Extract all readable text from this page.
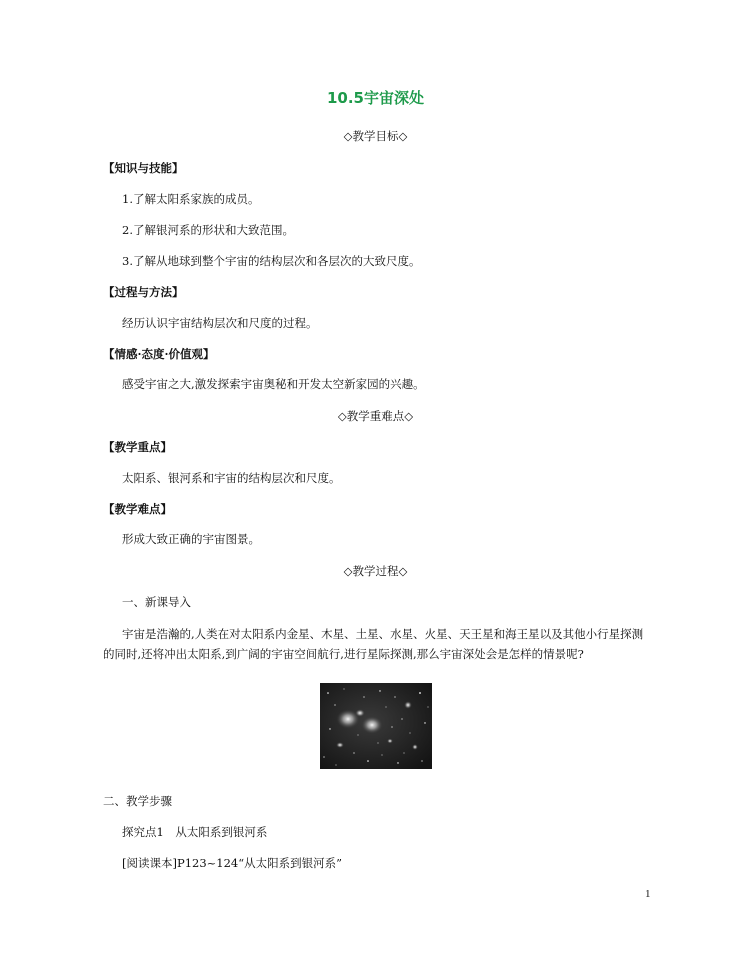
10.5宇宙深处
◇教学目标◇
【知识与技能】
1.了解太阳系家族的成员。
2.了解银河系的形状和大致范围。
3.了解从地球到整个宇宙的结构层次和各层次的大致尺度。
【过程与方法】
经历认识宇宙结构层次和尺度的过程。
【情感·态度·价值观】
感受宇宙之大,激发探索宇宙奥秘和开发太空新家园的兴趣。
◇教学重难点◇
【教学重点】
太阳系、银河系和宇宙的结构层次和尺度。
【教学难点】
形成大致正确的宇宙图景。
◇教学过程◇
一、新课导入
宇宙是浩瀚的,人类在对太阳系内金星、木星、土星、水星、火星、天王星和海王星以及其他小行星探测
的同时,还将冲出太阳系,到广阔的宇宙空间航行,进行星际探测,那么宇宙深处会是怎样的情景呢?
二、教学步骤
探究点1　从太阳系到银河系
[阅读课本]P123~124“从太阳系到银河系”
1
